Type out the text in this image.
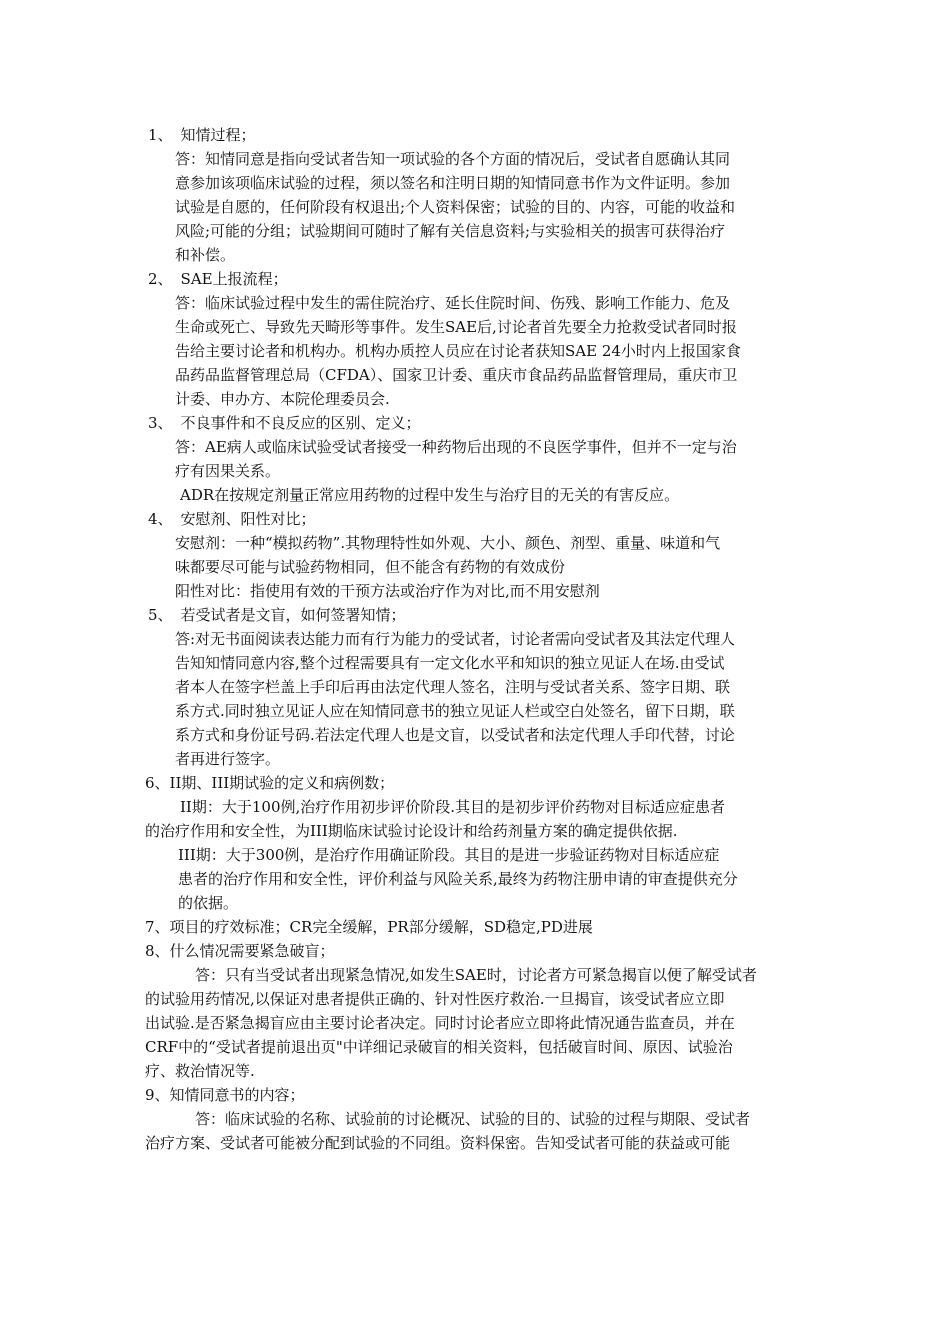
1、 知情过程；
答：知情同意是指向受试者告知一项试验的各个方面的情况后，受试者自愿确认其同
意参加该项临床试验的过程，须以签名和注明日期的知情同意书作为文件证明。参加
试验是自愿的，任何阶段有权退出;个人资料保密；试验的目的、内容，可能的收益和
风险;可能的分组；试验期间可随时了解有关信息资料;与实验相关的损害可获得治疗
和补偿。
2、 SAE上报流程；
答：临床试验过程中发生的需住院治疗、延长住院时间、伤残、影响工作能力、危及
生命或死亡、导致先天畸形等事件。发生SAE后,讨论者首先要全力抢救受试者同时报
告给主要讨论者和机构办。机构办质控人员应在讨论者获知SAE 24小时内上报国家食
品药品监督管理总局（CFDA）、国家卫计委、重庆市食品药品监督管理局，重庆市卫
计委、申办方、本院伦理委员会.
3、 不良事件和不良反应的区别、定义；
答：AE病人或临床试验受试者接受一种药物后出现的不良医学事件，但并不一定与治
疗有因果关系。
ADR在按规定剂量正常应用药物的过程中发生与治疗目的无关的有害反应。
4、 安慰剂、阳性对比；
安慰剂：一种“模拟药物”.其物理特性如外观、大小、颜色、剂型、重量、味道和气
味都要尽可能与试验药物相同，但不能含有药物的有效成份
阳性对比：指使用有效的干预方法或治疗作为对比,而不用安慰剂
5、 若受试者是文盲，如何签署知情；
答:对无书面阅读表达能力而有行为能力的受试者，讨论者需向受试者及其法定代理人
告知知情同意内容,整个过程需要具有一定文化水平和知识的独立见证人在场.由受试
者本人在签字栏盖上手印后再由法定代理人签名，注明与受试者关系、签字日期、联
系方式.同时独立见证人应在知情同意书的独立见证人栏或空白处签名，留下日期，联
系方式和身份证号码.若法定代理人也是文盲，以受试者和法定代理人手印代替，讨论
者再进行签字。
6、II期、III期试验的定义和病例数；
II期：大于100例,治疗作用初步评价阶段.其目的是初步评价药物对目标适应症患者
的治疗作用和安全性，为III期临床试验讨论设计和给药剂量方案的确定提供依据.
III期：大于300例，是治疗作用确证阶段。其目的是进一步验证药物对目标适应症
患者的治疗作用和安全性，评价利益与风险关系,最终为药物注册申请的审查提供充分
的依据。
7、项目的疗效标准；CR完全缓解，PR部分缓解，SD稳定,PD进展
8、什么情况需要紧急破盲；
答：只有当受试者出现紧急情况,如发生SAE时，讨论者方可紧急揭盲以便了解受试者
的试验用药情况,以保证对患者提供正确的、针对性医疗救治.一旦揭盲，该受试者应立即
出试验.是否紧急揭盲应由主要讨论者决定。同时讨论者应立即将此情况通告监查员，并在
CRF中的“受试者提前退出页"中详细记录破盲的相关资料，包括破盲时间、原因、试验治
疗、救治情况等.
9、知情同意书的内容；
答：临床试验的名称、试验前的讨论概况、试验的目的、试验的过程与期限、受试者
治疗方案、受试者可能被分配到试验的不同组。资料保密。告知受试者可能的获益或可能
